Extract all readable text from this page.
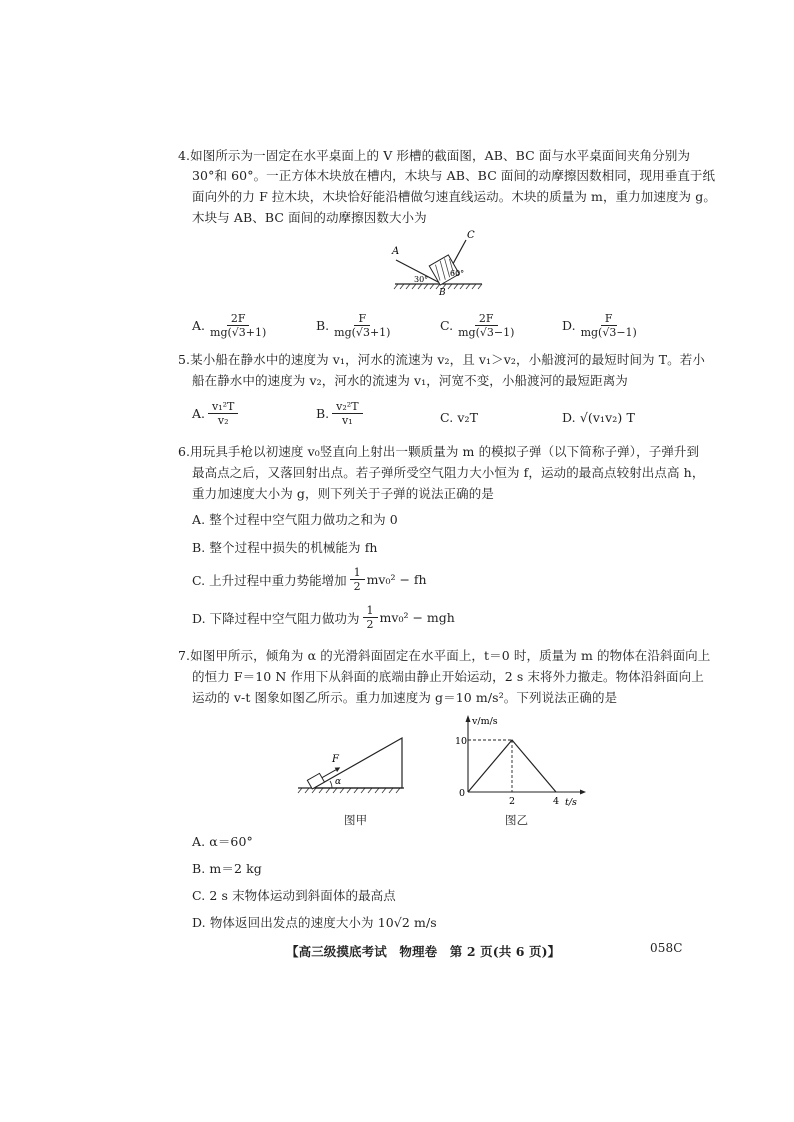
4.如图所示为一固定在水平桌面上的 V 形槽的截面图，AB、BC 面与水平桌面间夹角分别为
30°和 60°。一正方体木块放在槽内，木块与 AB、BC 面间的动摩擦因数相同，现用垂直于纸
面向外的力 F 拉木块，木块恰好能沿槽做匀速直线运动。木块的质量为 m，重力加速度为 g。
木块与 AB、BC 面间的动摩擦因数大小为
A
C
B
30°
60°
A. $\frac{2F}{mg(√3+1)}$	B. $\frac{F}{mg(√3+1)}$	C. $\frac{2F}{mg(√3-1)}$	D. $\frac{F}{mg(√3-1)}$
5.某小船在静水中的速度为 v₁，河水的流速为 v₂，且 v₁＞v₂，小船渡河的最短时间为 T。若小
船在静水中的速度为 v₂，河水的流速为 v₁，河宽不变，小船渡河的最短距离为
A. $\frac{\text{v₁²T}}{\text{v₂}}$	B. $\frac{\text{v₂²T}}{\text{v₁}}$	C. v₂T	D. √(v₁v₂) T
6.用玩具手枪以初速度 v₀竖直向上射出一颗质量为 m 的模拟子弹（以下简称子弹），子弹升到
最高点之后，又落回射出点。若子弹所受空气阻力大小恒为 f，运动的最高点较射出点高 h，
重力加速度大小为 g，则下列关于子弹的说法正确的是
A. 整个过程中空气阻力做功之和为 0
B. 整个过程中损失的机械能为 fh
C. 上升过程中重力势能增加 $\frac{1}{2} mv_0^2$ − fh
D. 下降过程中空气阻力做功为 $\frac{1}{2} mv_0^2$ − mgh
7.如图甲所示，倾角为 α 的光滑斜面固定在水平面上，t＝0 时，质量为 m 的物体在沿斜面向上
的恒力 F＝10 N 作用下从斜面的底端由静止开始运动，2 s 末将外力撤走。物体沿斜面向上
运动的 v-t 图象如图乙所示。重力加速度为 g＝10 m/s²。下列说法正确的是
F
α
图甲
v/m/s
t/s
10
0
2	4
图乙
A. α＝60°
B. m＝2 kg
C. 2 s 末物体运动到斜面体的最高点
D. 物体返回出发点的速度大小为 10√2 m/s
【高三级摸底考试　物理卷　第 2 页(共 6 页)】	058C
